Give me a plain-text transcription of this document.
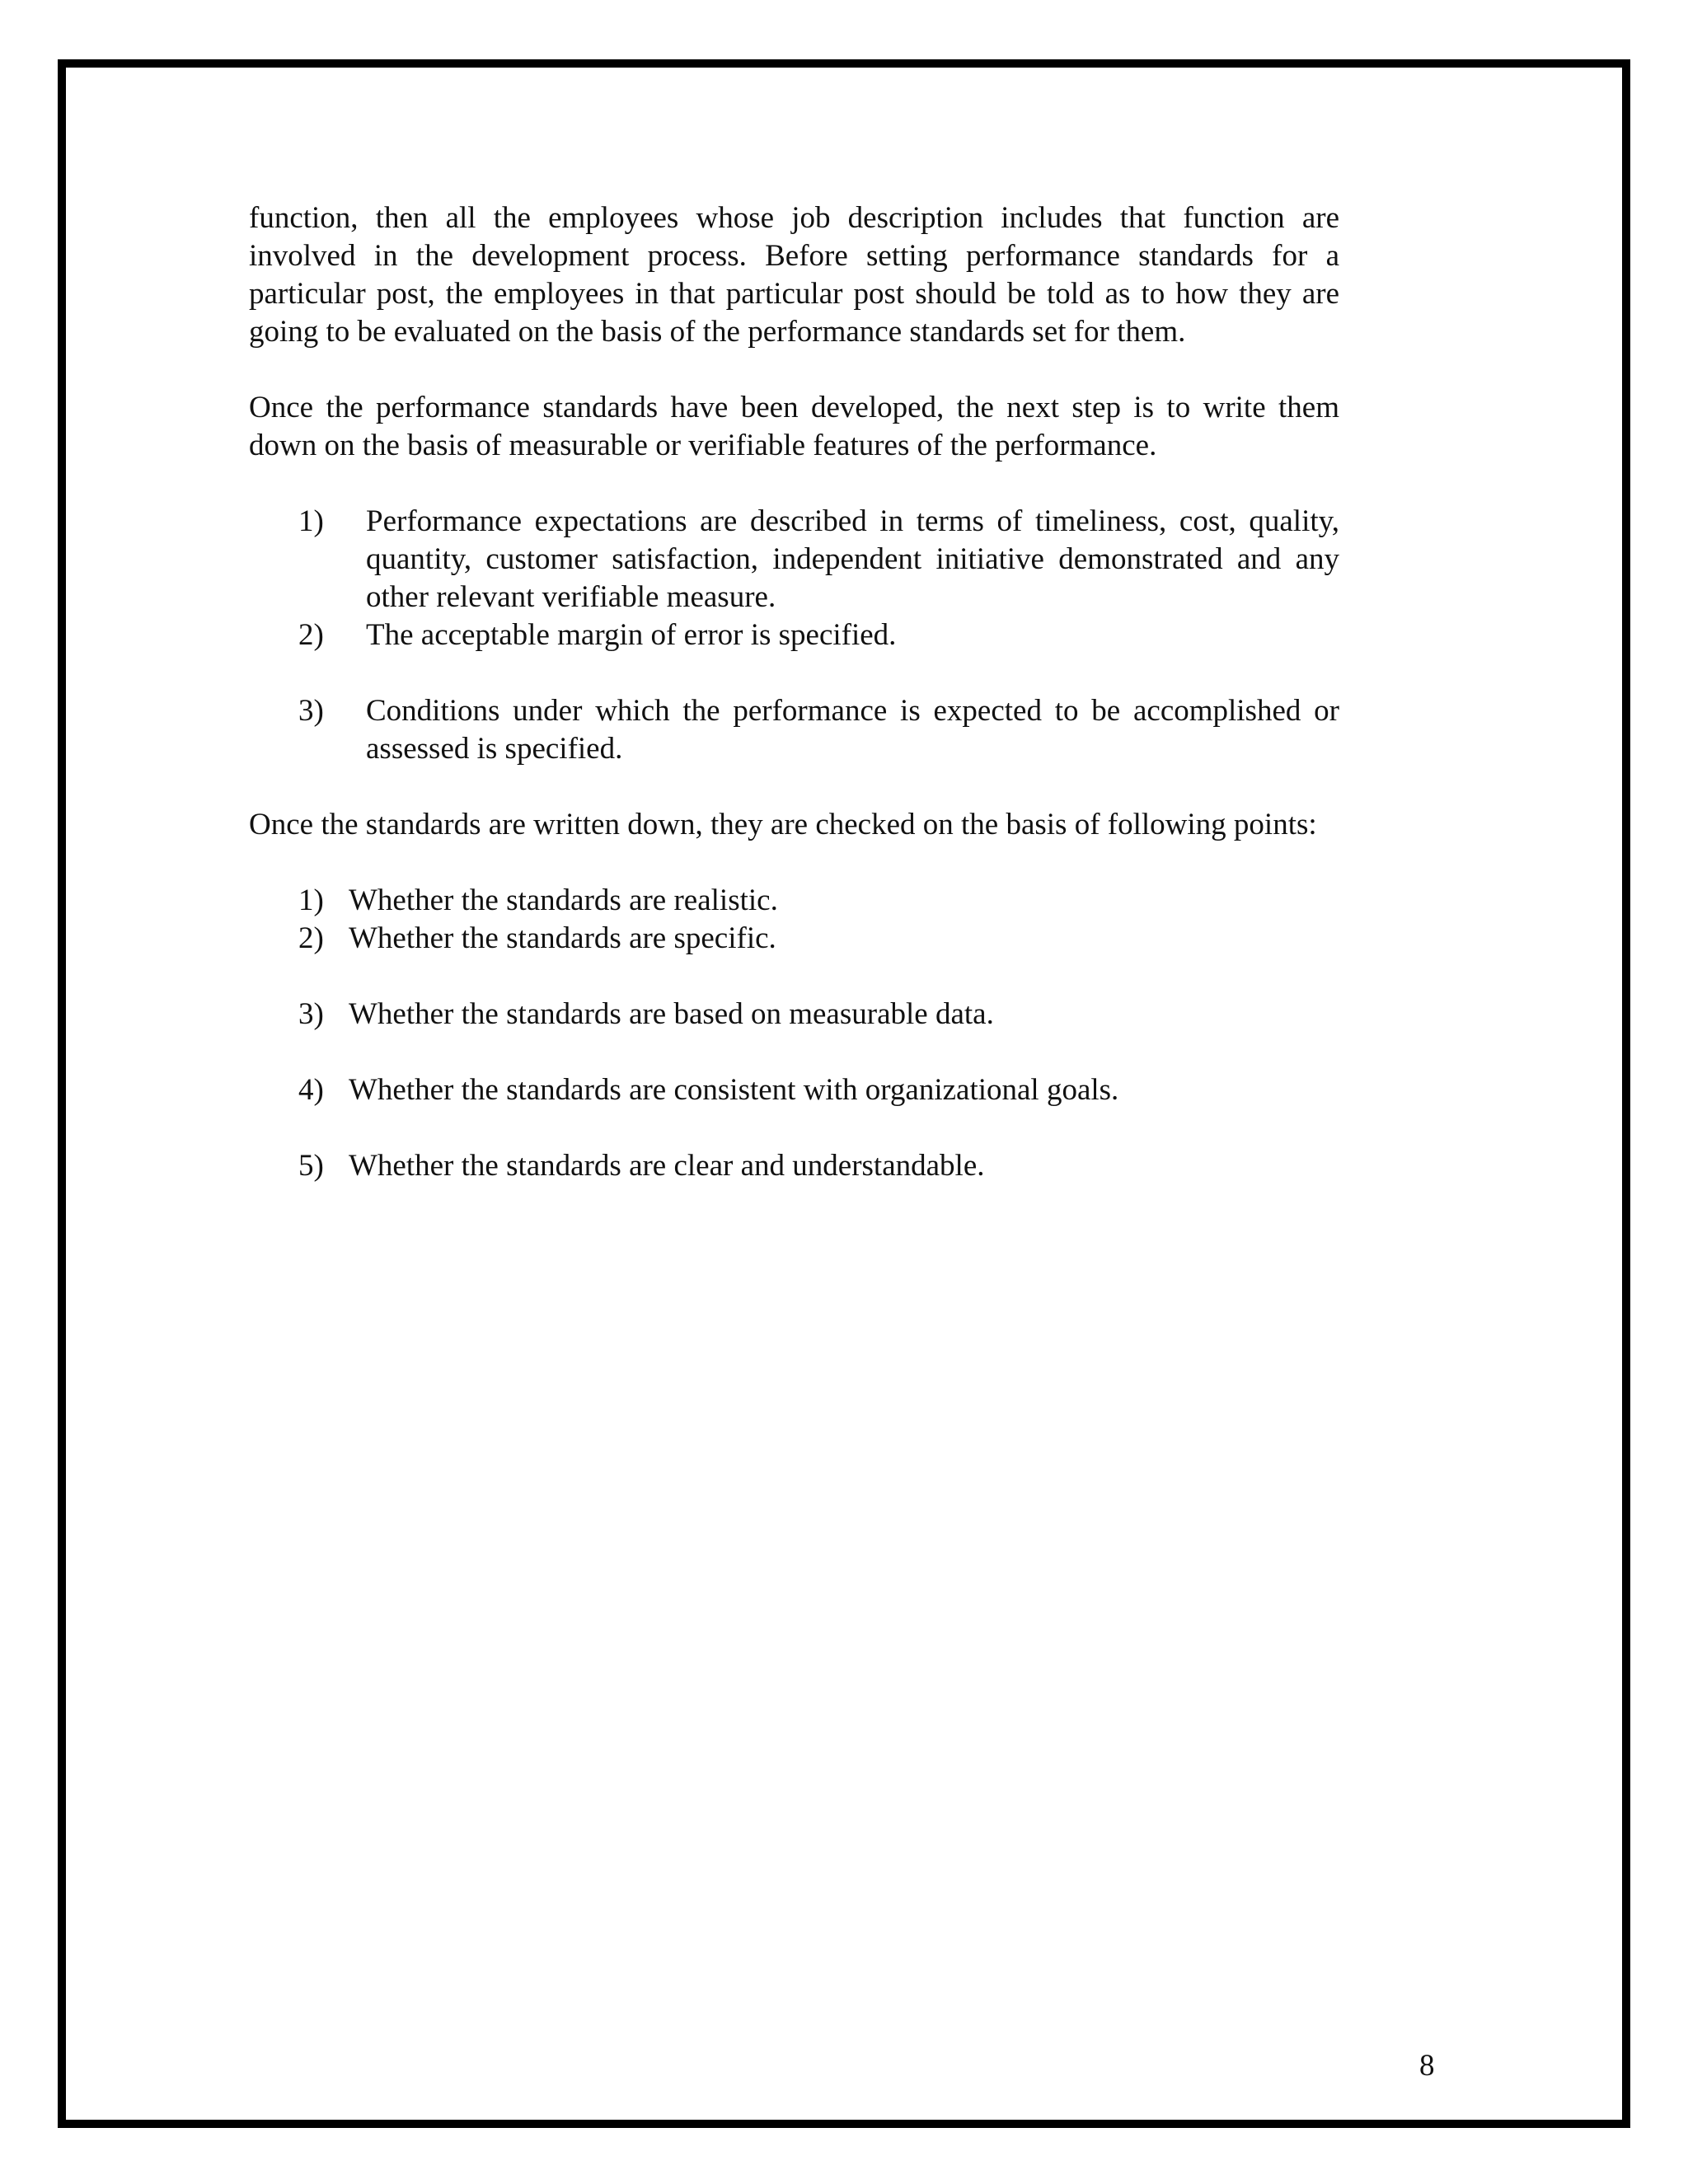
function, then all the employees whose job description includes that function are involved in the development process. Before setting performance standards for a particular post, the employees in that particular post should be told as to how they are going to be evaluated on the basis of the performance standards set for them.

Once the performance standards have been developed, the next step is to write them down on the basis of measurable or verifiable features of the performance.

1) Performance expectations are described in terms of timeliness, cost, quality, quantity, customer satisfaction, independent initiative demonstrated and any other relevant verifiable measure.
2) The acceptable margin of error is specified.
3) Conditions under which the performance is expected to be accomplished or assessed is specified.

Once the standards are written down, they are checked on the basis of following points:

1) Whether the standards are realistic.
2) Whether the standards are specific.
3) Whether the standards are based on measurable data.
4) Whether the standards are consistent with organizational goals.
5) Whether the standards are clear and understandable.
8
